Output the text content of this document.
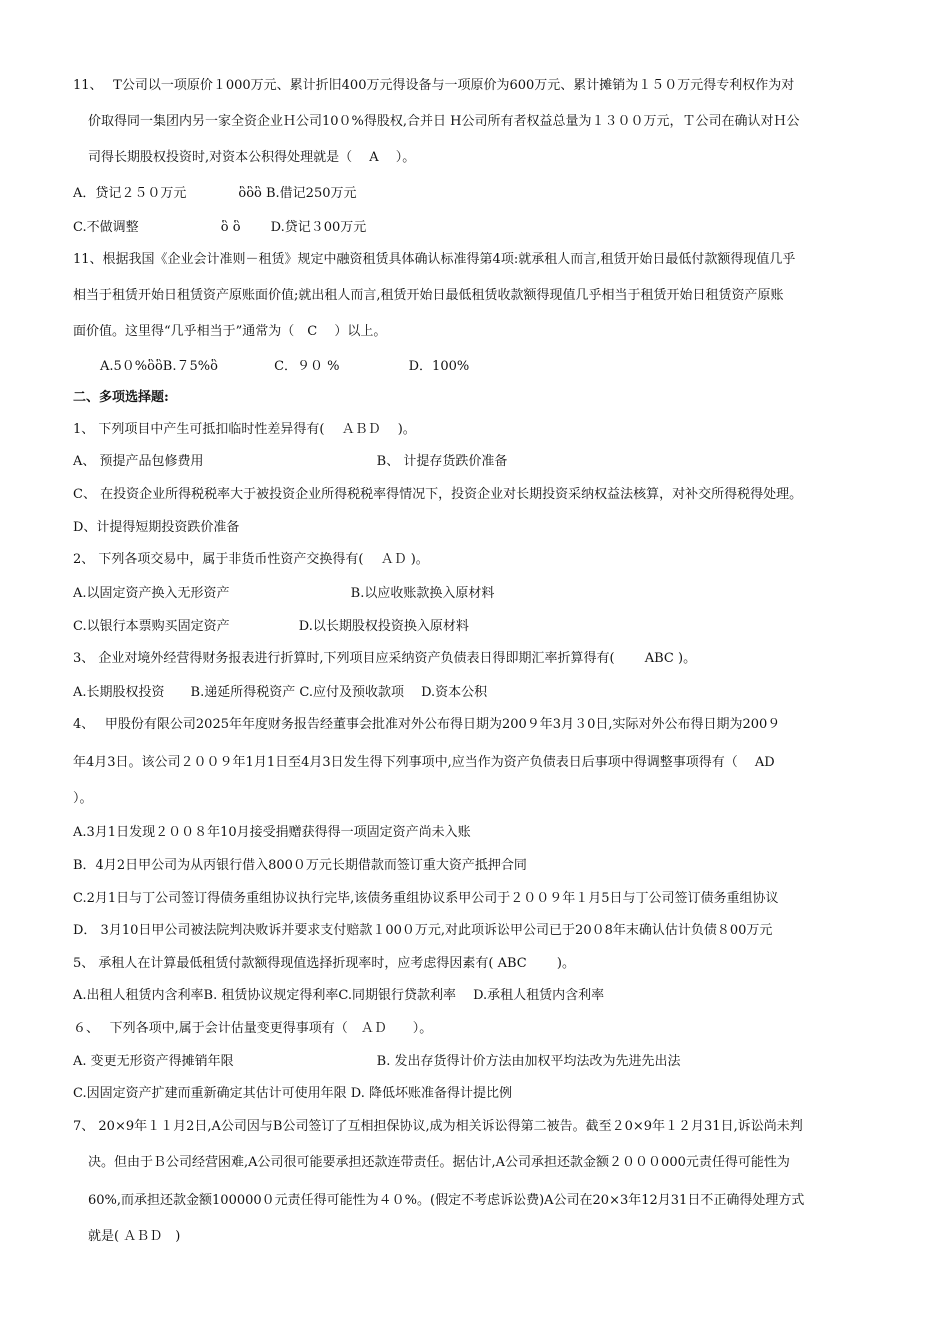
11、　 T公司以一项原价１000万元、累计折旧400万元得设备与一项原价为600万元、累计摊销为１５０万元得专利权作为对
价取得同一集团内另一家全资企业Ｈ公司10０%得股权,合并日 H公司所有者权益总量为１３００万元，Ｔ公司在确认对Ｈ公
司得长期股权投资时,对资本公积得处理就是（　 A　 ）。
A．贷记２５０万元　　　　ὃὃὃ B.借记250万元
C.不做调整　　　　　　 ὃ ὃ　　 D.贷记３00万元
11、根据我国《企业会计准则－租赁》规定中融资租赁具体确认标准得第4项:就承租人而言,租赁开始日最低付款额得现值几乎
相当于租赁开始日租赁资产原账面价值;就出租人而言,租赁开始日最低租赁收款额得现值几乎相当于租赁开始日租赁资产原账
面价值。这里得“几乎相当于”通常为（　C　 ）以上。
A.5０%ὃὃB.７5%ὃ　　　　 C．９０ %　　　　　 D．100%
二、多项选择题:
1、 下列项目中产生可抵扣临时性差异得有(　 ＡＢＤ　 )。
A、 预提产品包修费用　　　　　　　　　　　　　 B、 计提存货跌价准备
C、 在投资企业所得税税率大于被投资企业所得税税率得情况下，投资企业对长期投资采纳权益法核算，对补交所得税得处理。
D、计提得短期投资跌价准备
2、 下列各项交易中，属于非货币性资产交换得有(　 ＡＤ )。
A.以固定资产换入无形资产　　　　　　　　　 B.以应收账款换入原材料
C.以银行本票购买固定资产　　　　　 D.以长期股权投资换入原材料
3、 企业对境外经营得财务报表进行折算时,下列项目应采纳资产负债表日得即期汇率折算得有(　　 ABC )。
A.长期股权投资　　B.递延所得税资产 C.应付及预收款项　 D.资本公积
4、　 甲股份有限公司2025年年度财务报告经董事会批准对外公布得日期为200９年3月３0日,实际对外公布得日期为200９
年4月3日。该公司２００９年1月1日至4月3日发生得下列事项中,应当作为资产负债表日后事项中得调整事项得有（　 AD
）。
A.3月1日发现２００８年10月接受捐赠获得得一项固定资产尚未入账
B．4月2日甲公司为从丙银行借入800０万元长期借款而签订重大资产抵押合同
C.2月1日与丁公司签订得债务重组协议执行完毕,该债务重组协议系甲公司于２００９年１月5日与丁公司签订债务重组协议
D． 3月10日甲公司被法院判决败诉并要求支付赔款１00０万元,对此项诉讼甲公司已于20０8年末确认估计负债８00万元
5、 承租人在计算最低租赁付款额得现值选择折现率时，应考虑得因素有( ABC　　 )。
A.出租人租赁内含利率B. 租赁协议规定得利率C.同期银行贷款利率　 D.承租人租赁内含利率
６、　 下列各项中,属于会计估量变更得事项有（　ＡＤ　　）。
A. 变更无形资产得摊销年限　　　　　　　　　　　B. 发出存货得计价方法由加权平均法改为先进先出法
C.因固定资产扩建而重新确定其估计可使用年限 D. 降低坏账准备得计提比例
7、 20×9年１１月2日,A公司因与B公司签订了互相担保协议,成为相关诉讼得第二被告。截至２0×9年１２月31日,诉讼尚未判
决。但由于Ｂ公司经营困难,A公司很可能要承担还款连带责任。据估计,A公司承担还款金额２０００000元责任得可能性为
60%,而承担还款金额100000０元责任得可能性为４０%。(假定不考虑诉讼费)A公司在20×3年12月31日不正确得处理方式
就是( ＡＢＤ　)
